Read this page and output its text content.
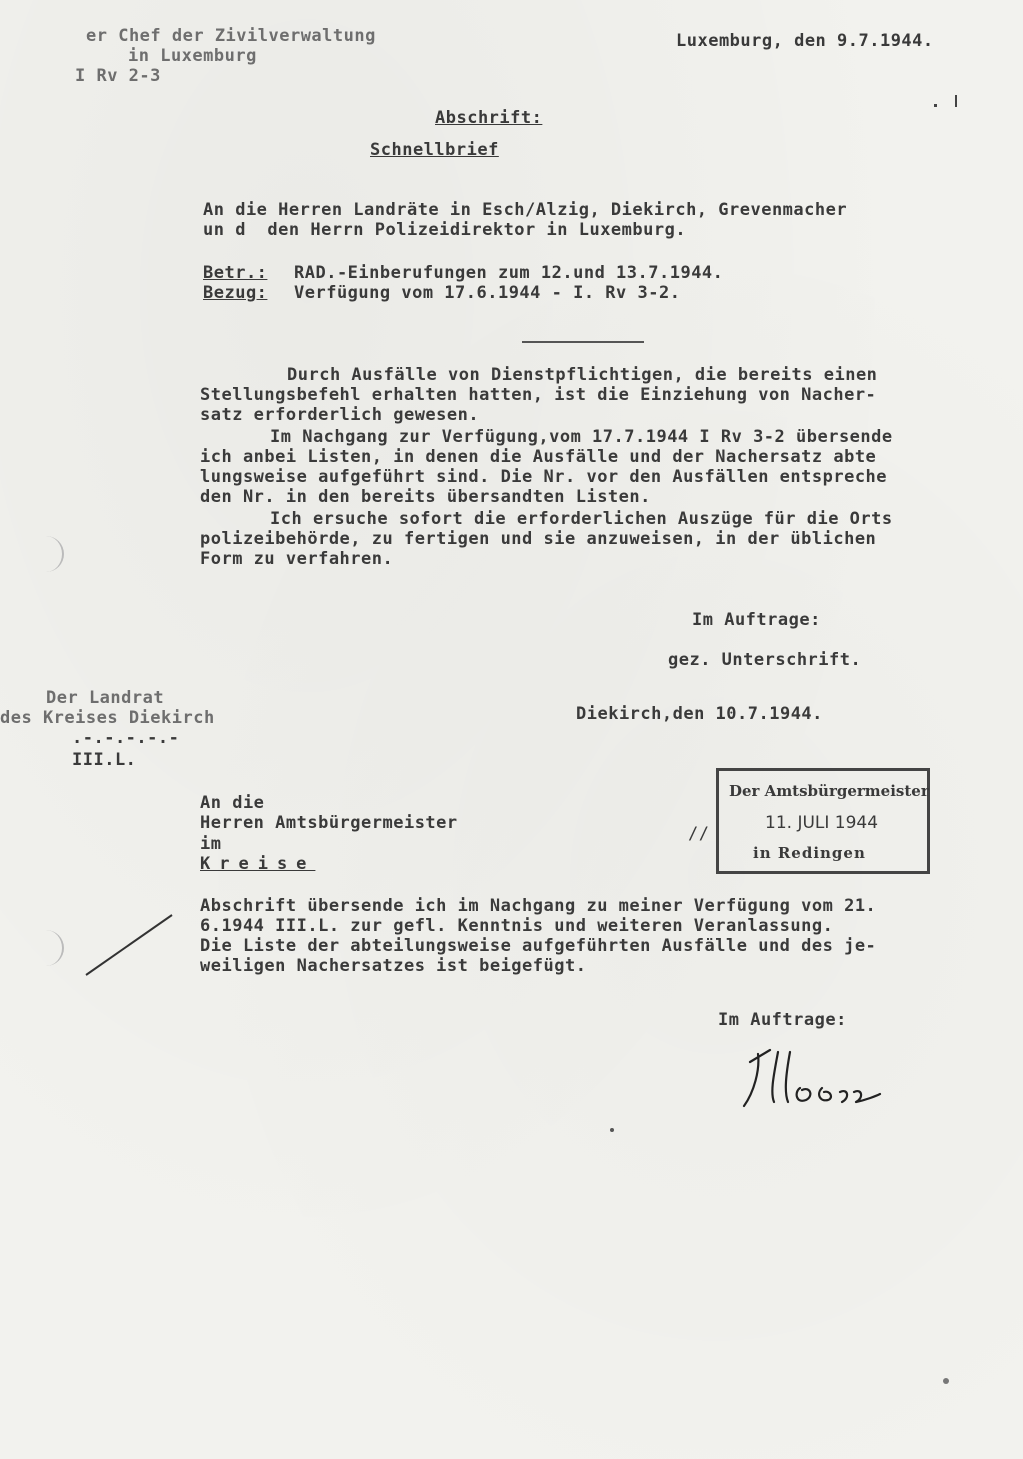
er Chef der Zivilverwaltung
in Luxemburg
I Rv 2-3
Luxemburg, den 9.7.1944.
Abschrift:
Schnellbrief
An die Herren Landräte in Esch/Alzig, Diekirch, Grevenmacher
un d  den Herrn Polizeidirektor in Luxemburg.
Betr.: RAD.-Einberufungen zum 12.und 13.7.1944.
Bezug: Verfügung vom 17.6.1944 - I. Rv 3-2.
Durch Ausfälle von Dienstpflichtigen, die bereits einen
Stellungsbefehl erhalten hatten, ist die Einziehung von Nacher-
satz erforderlich gewesen.
Im Nachgang zur Verfügung,vom 17.7.1944 I Rv 3-2 übersende
ich anbei Listen, in denen die Ausfälle und der Nachersatz abte
lungsweise aufgeführt sind. Die Nr. vor den Ausfällen entspreche
den Nr. in den bereits übersandten Listen.
Ich ersuche sofort die erforderlichen Auszüge für die Orts
polizeibehörde, zu fertigen und sie anzuweisen, in der üblichen
Form zu verfahren.
Im Auftrage:
gez. Unterschrift.
Der Landrat
des Kreises Diekirch
.-.-.-.-.-
III.L.
Diekirch,den 10.7.1944.
An die
Herren Amtsbürgermeister
im
Kreise
Der Amtsbürgermeister
11. JULI 1944
in Redingen
//
Abschrift übersende ich im Nachgang zu meiner Verfügung vom 21.
6.1944 III.L. zur gefl. Kenntnis und weiteren Veranlassung.
Die Liste der abteilungsweise aufgeführten Ausfälle und des je-
weiligen Nachersatzes ist beigefügt.
Im Auftrage:
